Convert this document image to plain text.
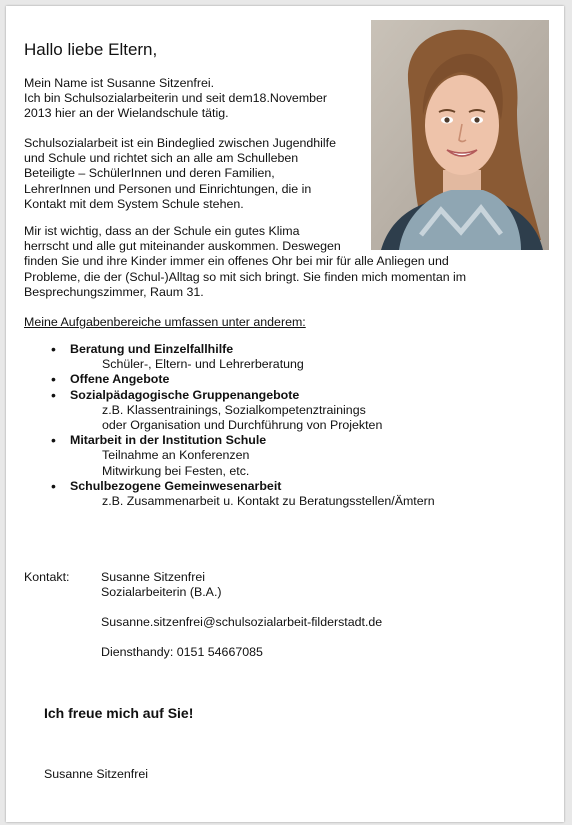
Hallo liebe Eltern,
Mein Name ist Susanne Sitzenfrei.
Ich bin Schulsozialarbeiterin und seit dem18.November
2013 hier an der Wielandschule tätig.
Schulsozialarbeit ist ein Bindeglied zwischen Jugendhilfe
und Schule und richtet sich an alle am Schulleben
Beteiligte – SchülerInnen und deren Familien,
LehrerInnen und Personen und Einrichtungen, die in
Kontakt mit dem System Schule stehen.
Mir ist wichtig, dass an der Schule ein gutes Klima
herrscht und alle gut miteinander auskommen. Deswegen
finden Sie und ihre Kinder immer ein offenes Ohr bei mir für alle Anliegen und
Probleme, die der (Schul-)Alltag so mit sich bringt. Sie finden mich momentan im
Besprechungszimmer, Raum 31.
Meine Aufgabenbereiche umfassen unter anderem:
• Beratung und Einzelfallhilfe
Schüler-, Eltern- und Lehrerberatung
• Offene Angebote
• Sozialpädagogische Gruppenangebote
z.B. Klassentrainings, Sozialkompetenztrainings
oder Organisation und Durchführung von Projekten
• Mitarbeit in der Institution Schule
Teilnahme an Konferenzen
Mitwirkung bei Festen, etc.
• Schulbezogene Gemeinwesenarbeit
z.B. Zusammenarbeit u. Kontakt zu Beratungsstellen/Ämtern
Kontakt:	Susanne Sitzenfrei
Sozialarbeiterin (B.A.)
Susanne.sitzenfrei@schulsozialarbeit-filderstadt.de
Diensthandy: 0151 54667085
Ich freue mich auf Sie!
Susanne Sitzenfrei
